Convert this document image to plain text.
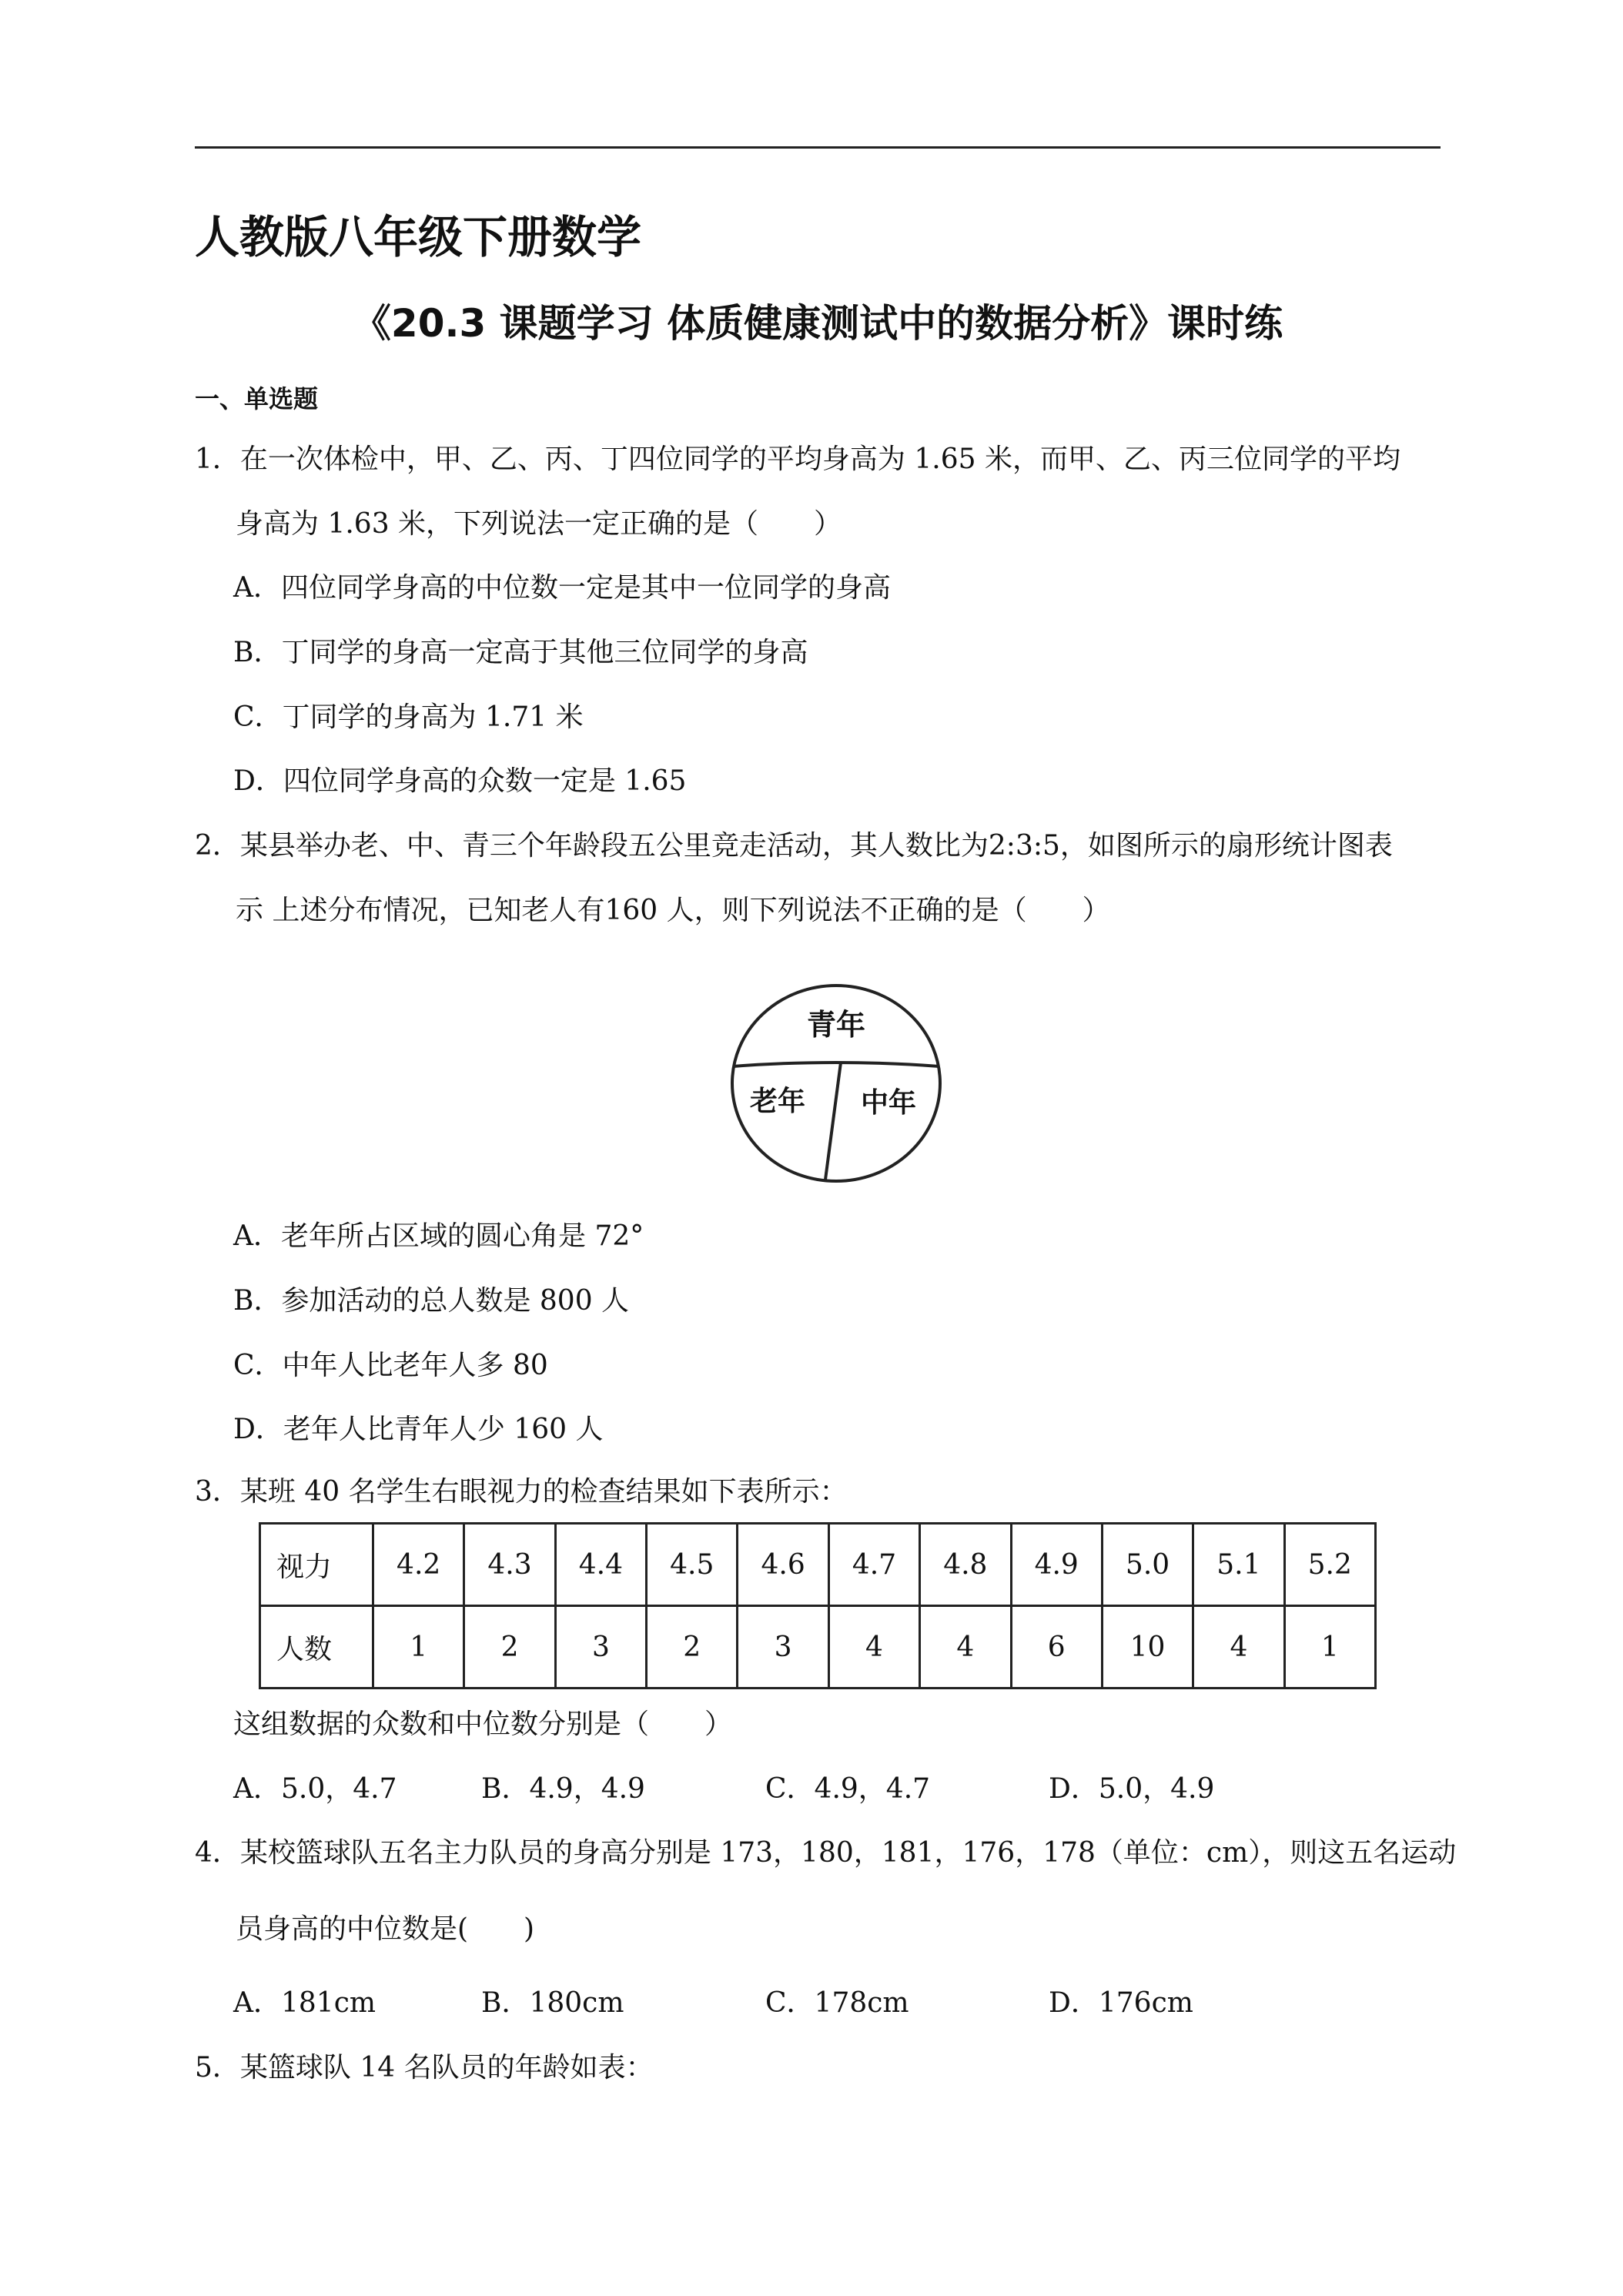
人教版八年级下册数学
《20.3 课题学习 体质健康测试中的数据分析》课时练
一、单选题
1．在一次体检中，甲、乙、丙、丁四位同学的平均身高为 1.65 米，而甲、乙、丙三位同学的平均
身高为 1.63 米，下列说法一定正确的是（　　）
A．四位同学身高的中位数一定是其中一位同学的身高
B．丁同学的身高一定高于其他三位同学的身高
C．丁同学的身高为 1.71 米
D．四位同学身高的众数一定是 1.65
2．某县举办老、中、青三个年龄段五公里竞走活动，其人数比为2:3:5，如图所示的扇形统计图表
示 上述分布情况，已知老人有160 人，则下列说法不正确的是（　　）
青年
老年 中年
A．老年所占区域的圆心角是 72°
B．参加活动的总人数是 800 人
C．中年人比老年人多 80
D．老年人比青年人少 160 人
3．某班 40 名学生右眼视力的检查结果如下表所示：
视力	4.2	4.3	4.4	4.5	4.6	4.7	4.8	4.9	5.0	5.1	5.2
人数	1	2	3	2	3	4	4	6	10	4	1
这组数据的众数和中位数分别是（　　）
A．5.0，4.7	B．4.9，4.9	C．4.9，4.7	D．5.0，4.9
4．某校篮球队五名主力队员的身高分别是 173，180，181，176，178（单位：cm），则这五名运动
员身高的中位数是(　　)
A．181cm	B．180cm	C．178cm	D．176cm
5．某篮球队 14 名队员的年龄如表：
